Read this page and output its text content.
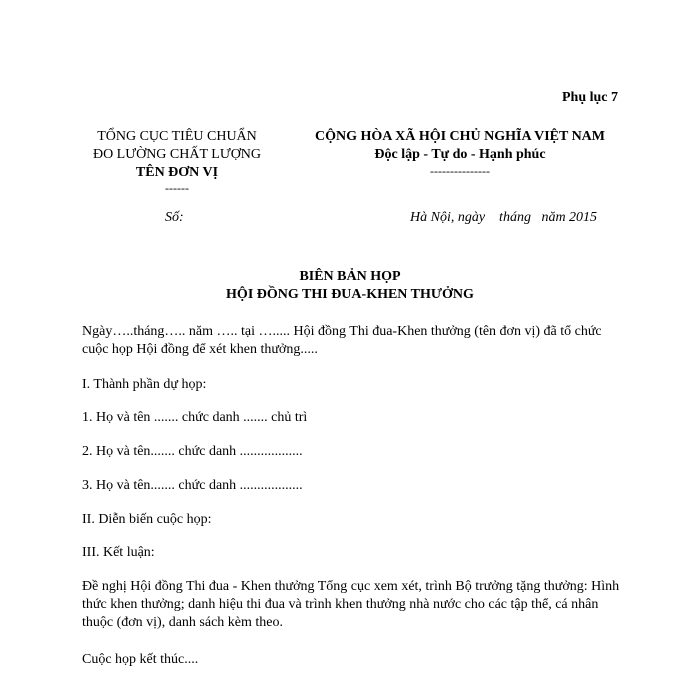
Phụ lục 7
TỔNG CỤC TIÊU CHUẨN
ĐO LƯỜNG CHẤT LƯỢNG
TÊN ĐƠN VỊ
------
CỘNG HÒA XÃ HỘI CHỦ NGHĨA VIỆT NAM
Độc lập - Tự do - Hạnh phúc
---------------
Số:	Hà Nội, ngày    tháng   năm 2015
BIÊN BẢN HỌP
HỘI ĐỒNG THI ĐUA-KHEN THƯỞNG
Ngày…..tháng….. năm ….. tại …..... Hội đồng Thi đua-Khen thưởng (tên đơn vị) đã tổ chức cuộc họp Hội đồng để xét khen thưởng.....
I. Thành phần dự họp:
1. Họ và tên ....... chức danh ....... chủ trì
2. Họ và tên....... chức danh ..................
3. Họ và tên....... chức danh ..................
II. Diễn biến cuộc họp:
III. Kết luận:
Đề nghị Hội đồng Thi đua - Khen thưởng Tổng cục xem xét, trình Bộ trưởng tặng thưởng: Hình thức khen thưởng; danh hiệu thi đua và trình khen thưởng nhà nước cho các tập thể, cá nhân thuộc (đơn vị), danh sách kèm theo.
Cuộc họp kết thúc....
